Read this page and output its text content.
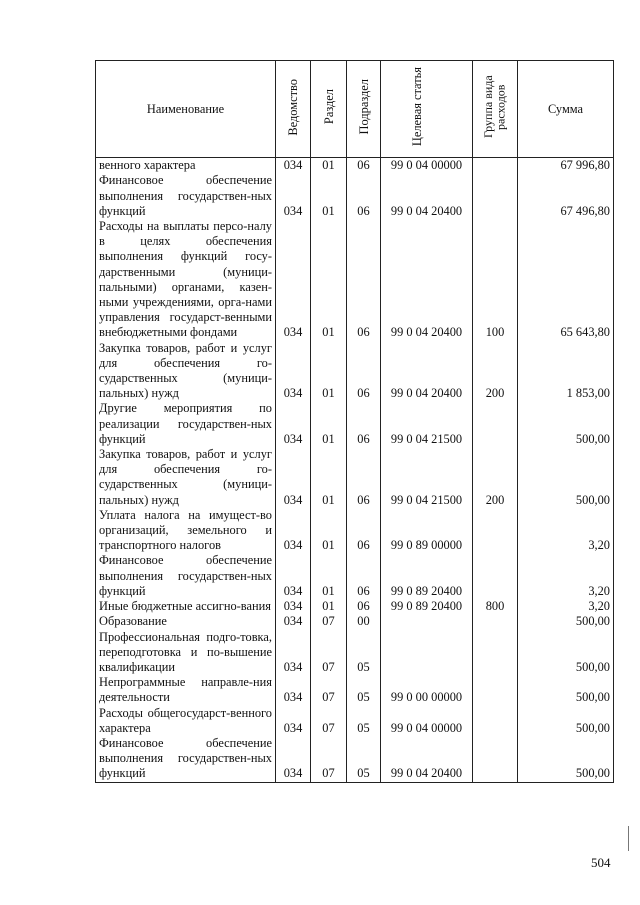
Наименование	Ведомство	Раздел	Подраздел	Целевая статья	Группа вида расходов	Сумма
венного характера	034	01	06	99 0 04 00000		67 996,80
Финансовое обеспечение выполнения государствен-ных функций	034	01	06	99 0 04 20400		67 496,80
Расходы на выплаты персо-налу в целях обеспечения выполнения функций госу-дарственными (муници-пальными) органами, казен-ными учреждениями, орга-нами управления государст-венными внебюджетными фондами	034	01	06	99 0 04 20400	100	65 643,80
Закупка товаров, работ и услуг для обеспечения го-сударственных (муници-пальных) нужд	034	01	06	99 0 04 20400	200	1 853,00
Другие мероприятия по реализации государствен-ных функций	034	01	06	99 0 04 21500		500,00
Закупка товаров, работ и услуг для обеспечения го-сударственных (муници-пальных) нужд	034	01	06	99 0 04 21500	200	500,00
Уплата налога на имущест-во организаций, земельного и транспортного налогов	034	01	06	99 0 89 00000		3,20
Финансовое обеспечение выполнения государствен-ных функций	034	01	06	99 0 89 20400		3,20
Иные бюджетные ассигно-вания	034	01	06	99 0 89 20400	800	3,20
Образование	034	07	00			500,00
Профессиональная подго-товка, переподготовка и по-вышение квалификации	034	07	05			500,00
Непрограммные направле-ния деятельности	034	07	05	99 0 00 00000		500,00
Расходы общегосударст-венного характера	034	07	05	99 0 04 00000		500,00
Финансовое обеспечение выполнения государствен-ных функций	034	07	05	99 0 04 20400		500,00
504
